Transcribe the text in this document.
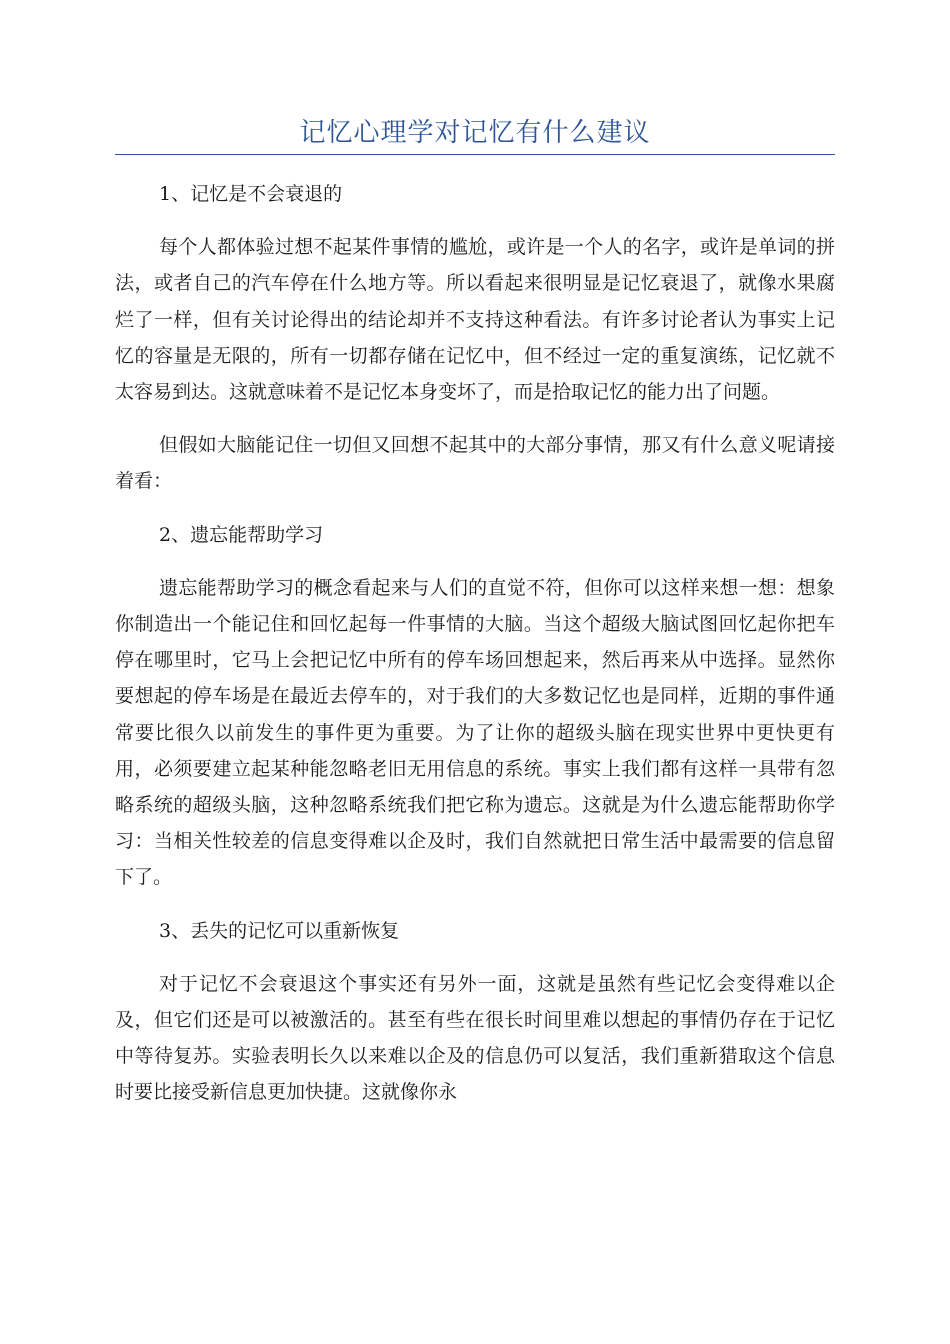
记忆心理学对记忆有什么建议

1、记忆是不会衰退的

每个人都体验过想不起某件事情的尴尬，或许是一个人的名字，或许是单词的拼法，或者自己的汽车停在什么地方等。所以看起来很明显是记忆衰退了，就像水果腐烂了一样，但有关讨论得出的结论却并不支持这种看法。有许多讨论者认为事实上记忆的容量是无限的，所有一切都存储在记忆中，但不经过一定的重复演练，记忆就不太容易到达。这就意味着不是记忆本身变坏了，而是拾取记忆的能力出了问题。

但假如大脑能记住一切但又回想不起其中的大部分事情，那又有什么意义呢请接着看：

2、遗忘能帮助学习

遗忘能帮助学习的概念看起来与人们的直觉不符，但你可以这样来想一想：想象你制造出一个能记住和回忆起每一件事情的大脑。当这个超级大脑试图回忆起你把车停在哪里时，它马上会把记忆中所有的停车场回想起来，然后再来从中选择。显然你要想起的停车场是在最近去停车的，对于我们的大多数记忆也是同样，近期的事件通常要比很久以前发生的事件更为重要。为了让你的超级头脑在现实世界中更快更有用，必须要建立起某种能忽略老旧无用信息的系统。事实上我们都有这样一具带有忽略系统的超级头脑，这种忽略系统我们把它称为遗忘。这就是为什么遗忘能帮助你学习：当相关性较差的信息变得难以企及时，我们自然就把日常生活中最需要的信息留下了。

3、丢失的记忆可以重新恢复

对于记忆不会衰退这个事实还有另外一面，这就是虽然有些记忆会变得难以企及，但它们还是可以被激活的。甚至有些在很长时间里难以想起的事情仍存在于记忆中等待复苏。实验表明长久以来难以企及的信息仍可以复活，我们重新猎取这个信息时要比接受新信息更加快捷。这就像你永
